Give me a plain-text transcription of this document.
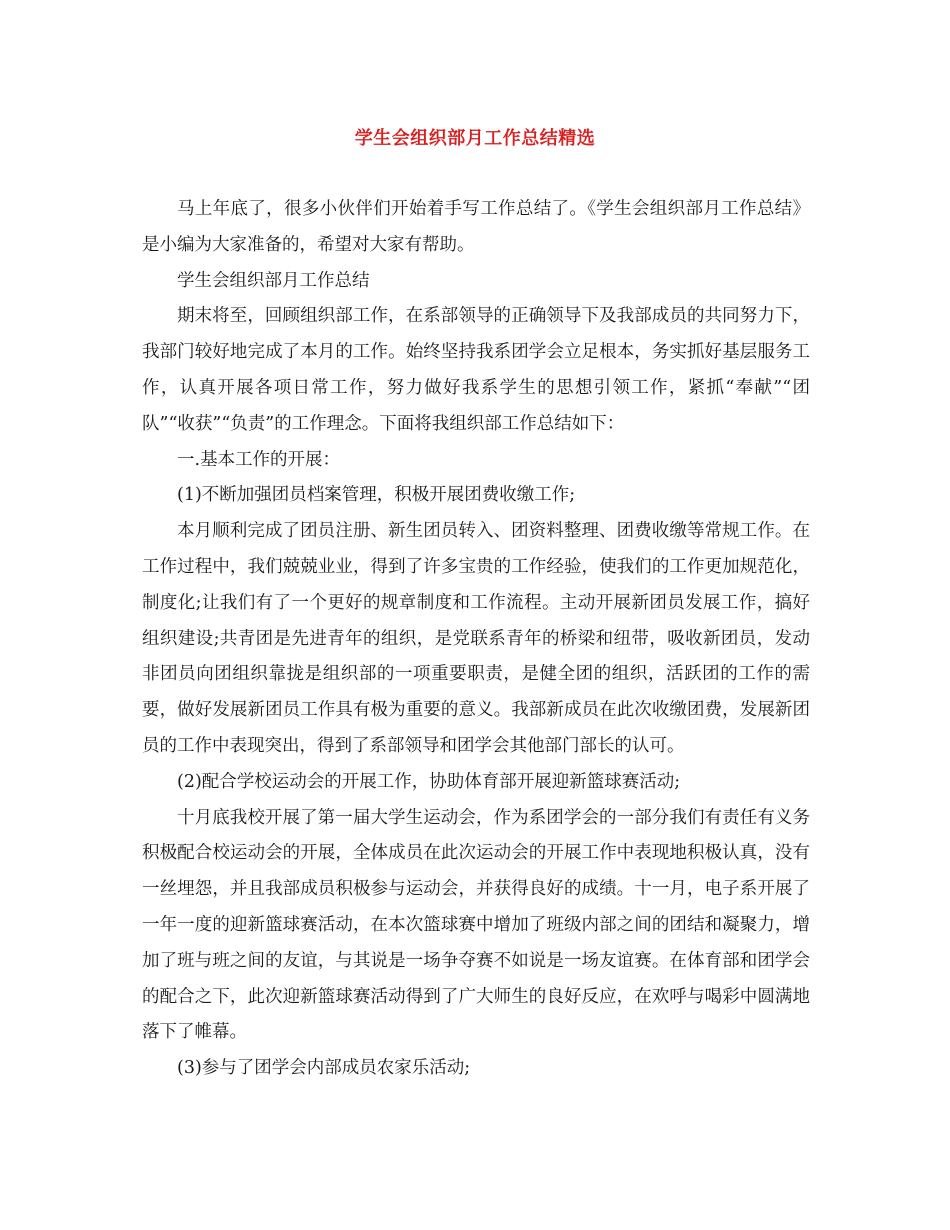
学生会组织部月工作总结精选

马上年底了，很多小伙伴们开始着手写工作总结了。《学生会组织部月工作总结》是小编为大家准备的，希望对大家有帮助。

学生会组织部月工作总结

期末将至，回顾组织部工作，在系部领导的正确领导下及我部成员的共同努力下，我部门较好地完成了本月的工作。始终坚持我系团学会立足根本，务实抓好基层服务工作，认真开展各项日常工作，努力做好我系学生的思想引领工作，紧抓“奉献”“团队”“收获”“负责”的工作理念。下面将我组织部工作总结如下：

一.基本工作的开展：

(1)不断加强团员档案管理，积极开展团费收缴工作;

本月顺利完成了团员注册、新生团员转入、团资料整理、团费收缴等常规工作。在工作过程中，我们兢兢业业，得到了许多宝贵的工作经验，使我们的工作更加规范化，制度化;让我们有了一个更好的规章制度和工作流程。主动开展新团员发展工作，搞好组织建设;共青团是先进青年的组织，是党联系青年的桥梁和纽带，吸收新团员，发动非团员向团组织靠拢是组织部的一项重要职责，是健全团的组织，活跃团的工作的需要，做好发展新团员工作具有极为重要的意义。我部新成员在此次收缴团费，发展新团员的工作中表现突出，得到了系部领导和团学会其他部门部长的认可。

(2)配合学校运动会的开展工作，协助体育部开展迎新篮球赛活动;

十月底我校开展了第一届大学生运动会，作为系团学会的一部分我们有责任有义务积极配合校运动会的开展，全体成员在此次运动会的开展工作中表现地积极认真，没有一丝埋怨，并且我部成员积极参与运动会，并获得良好的成绩。十一月，电子系开展了一年一度的迎新篮球赛活动，在本次篮球赛中增加了班级内部之间的团结和凝聚力，增加了班与班之间的友谊，与其说是一场争夺赛不如说是一场友谊赛。在体育部和团学会的配合之下，此次迎新篮球赛活动得到了广大师生的良好反应，在欢呼与喝彩中圆满地落下了帷幕。

(3)参与了团学会内部成员农家乐活动;
